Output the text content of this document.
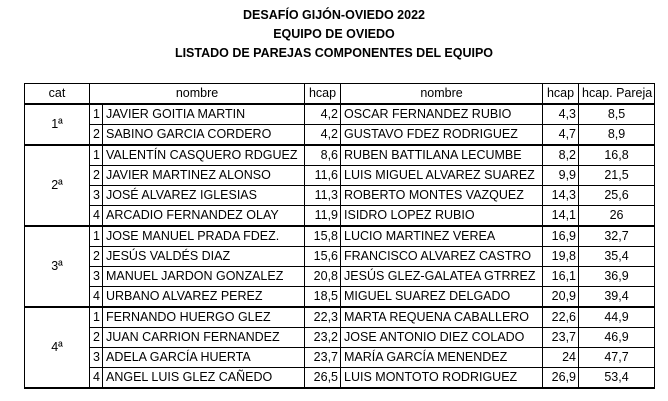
DESAFÍO GIJÓN-OVIEDO 2022
EQUIPO DE OVIEDO
LISTADO DE PAREJAS COMPONENTES DEL EQUIPO
cat	nombre		hcap	nombre	hcap	hcap. Pareja
1ª	1	JAVIER GOITIA MARTIN	4,2	OSCAR FERNANDEZ RUBIO	4,3	8,5
	2	SABINO GARCIA CORDERO	4,2	GUSTAVO FDEZ RODRIGUEZ	4,7	8,9
2ª	1	VALENTÍN CASQUERO RDGUEZ	8,6	RUBEN BATTILANA LECUMBE	8,2	16,8
	2	JAVIER MARTINEZ ALONSO	11,6	LUIS MIGUEL ALVAREZ SUAREZ	9,9	21,5
	3	JOSÉ ALVAREZ IGLESIAS	11,3	ROBERTO MONTES VAZQUEZ	14,3	25,6
	4	ARCADIO FERNANDEZ OLAY	11,9	ISIDRO LOPEZ RUBIO	14,1	26
3ª	1	JOSE MANUEL PRADA FDEZ.	15,8	LUCIO MARTINEZ VEREA	16,9	32,7
	2	JESÚS VALDÉS DIAZ	15,6	FRANCISCO ALVAREZ CASTRO	19,8	35,4
	3	MANUEL JARDON GONZALEZ	20,8	JESÚS GLEZ-GALATEA GTRREZ	16,1	36,9
	4	URBANO ALVAREZ PEREZ	18,5	MIGUEL SUAREZ DELGADO	20,9	39,4
4ª	1	FERNANDO HUERGO GLEZ	22,3	MARTA REQUENA CABALLERO	22,6	44,9
	2	JUAN CARRION FERNANDEZ	23,2	JOSE ANTONIO DIEZ COLADO	23,7	46,9
	3	ADELA GARCÍA HUERTA	23,7	MARÍA GARCÍA MENENDEZ	24	47,7
	4	ANGEL LUIS GLEZ CAÑEDO	26,5	LUIS MONTOTO RODRIGUEZ	26,9	53,4
